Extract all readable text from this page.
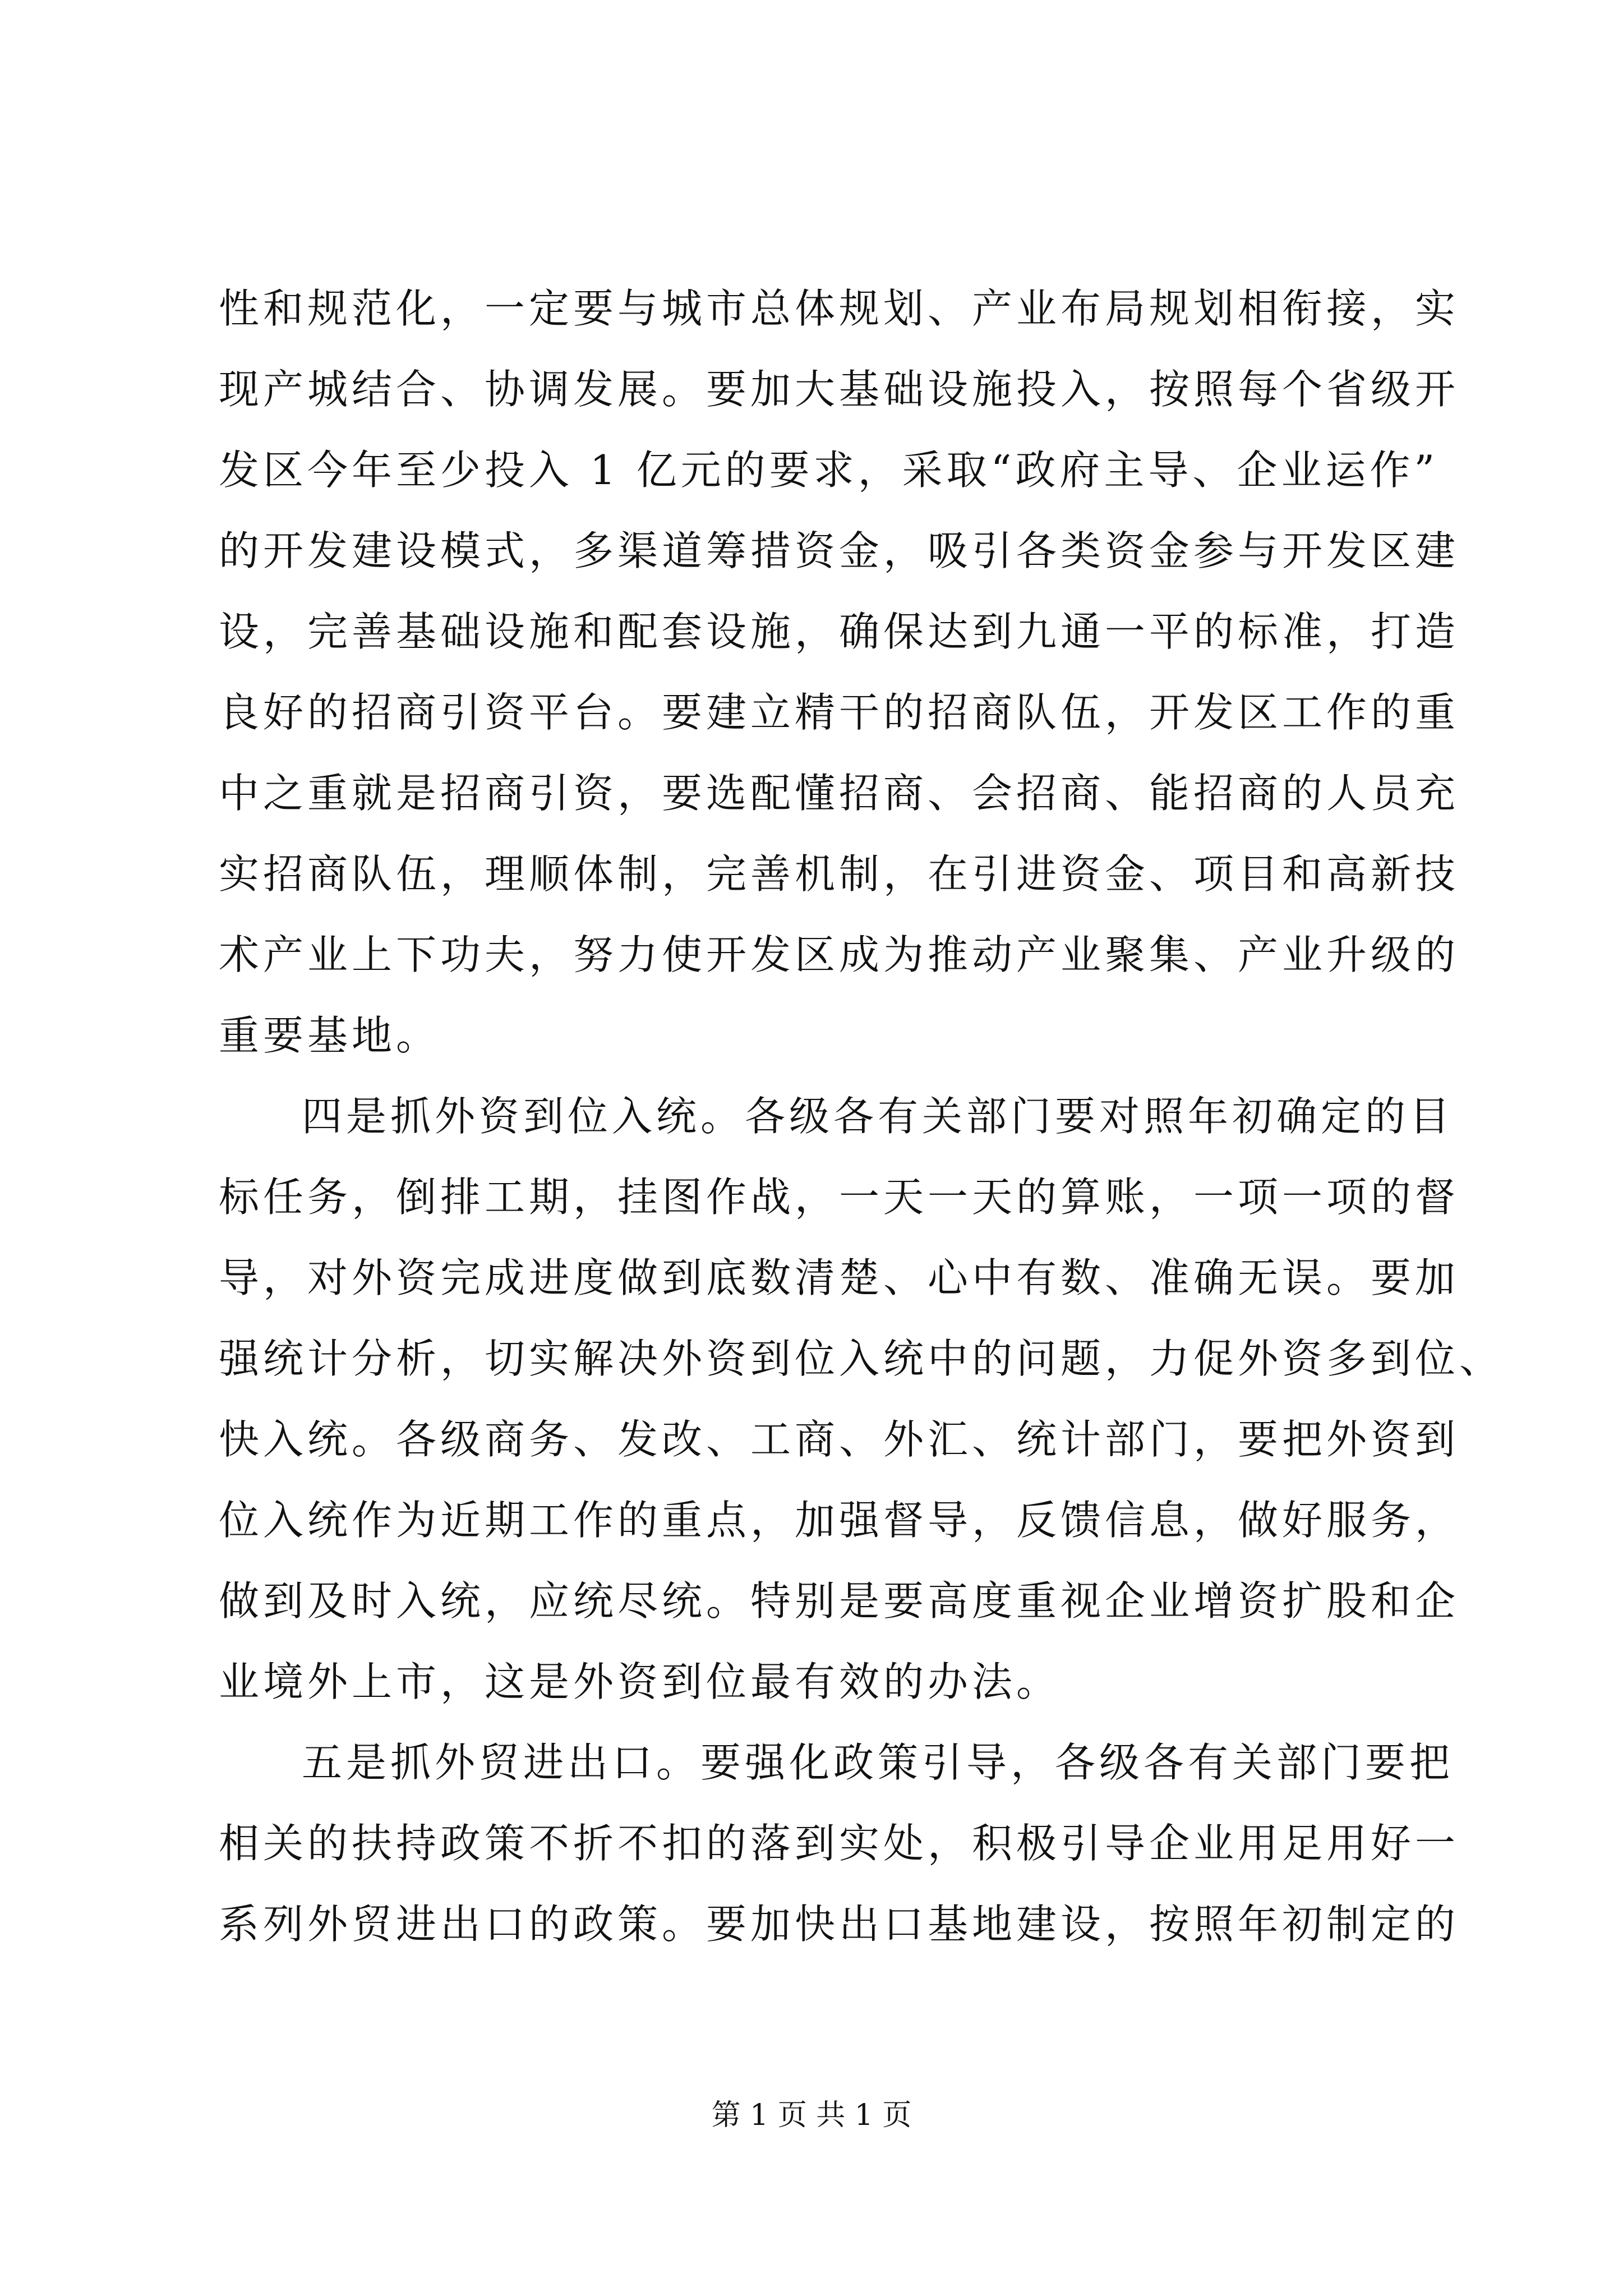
性和规范化，一定要与城市总体规划、产业布局规划相衔接，实
现产城结合、协调发展。要加大基础设施投入，按照每个省级开
发区今年至少投入 1 亿元的要求，采取“政府主导、企业运作”
的开发建设模式，多渠道筹措资金，吸引各类资金参与开发区建
设，完善基础设施和配套设施，确保达到九通一平的标准，打造
良好的招商引资平台。要建立精干的招商队伍，开发区工作的重
中之重就是招商引资，要选配懂招商、会招商、能招商的人员充
实招商队伍，理顺体制，完善机制，在引进资金、项目和高新技
术产业上下功夫，努力使开发区成为推动产业聚集、产业升级的
重要基地。
四是抓外资到位入统。各级各有关部门要对照年初确定的目
标任务，倒排工期，挂图作战，一天一天的算账，一项一项的督
导，对外资完成进度做到底数清楚、心中有数、准确无误。要加
强统计分析，切实解决外资到位入统中的问题，力促外资多到位、
快入统。各级商务、发改、工商、外汇、统计部门，要把外资到
位入统作为近期工作的重点，加强督导，反馈信息，做好服务，
做到及时入统，应统尽统。特别是要高度重视企业增资扩股和企
业境外上市，这是外资到位最有效的办法。
五是抓外贸进出口。要强化政策引导，各级各有关部门要把
相关的扶持政策不折不扣的落到实处，积极引导企业用足用好一
系列外贸进出口的政策。要加快出口基地建设，按照年初制定的
第 1 页 共 1 页
